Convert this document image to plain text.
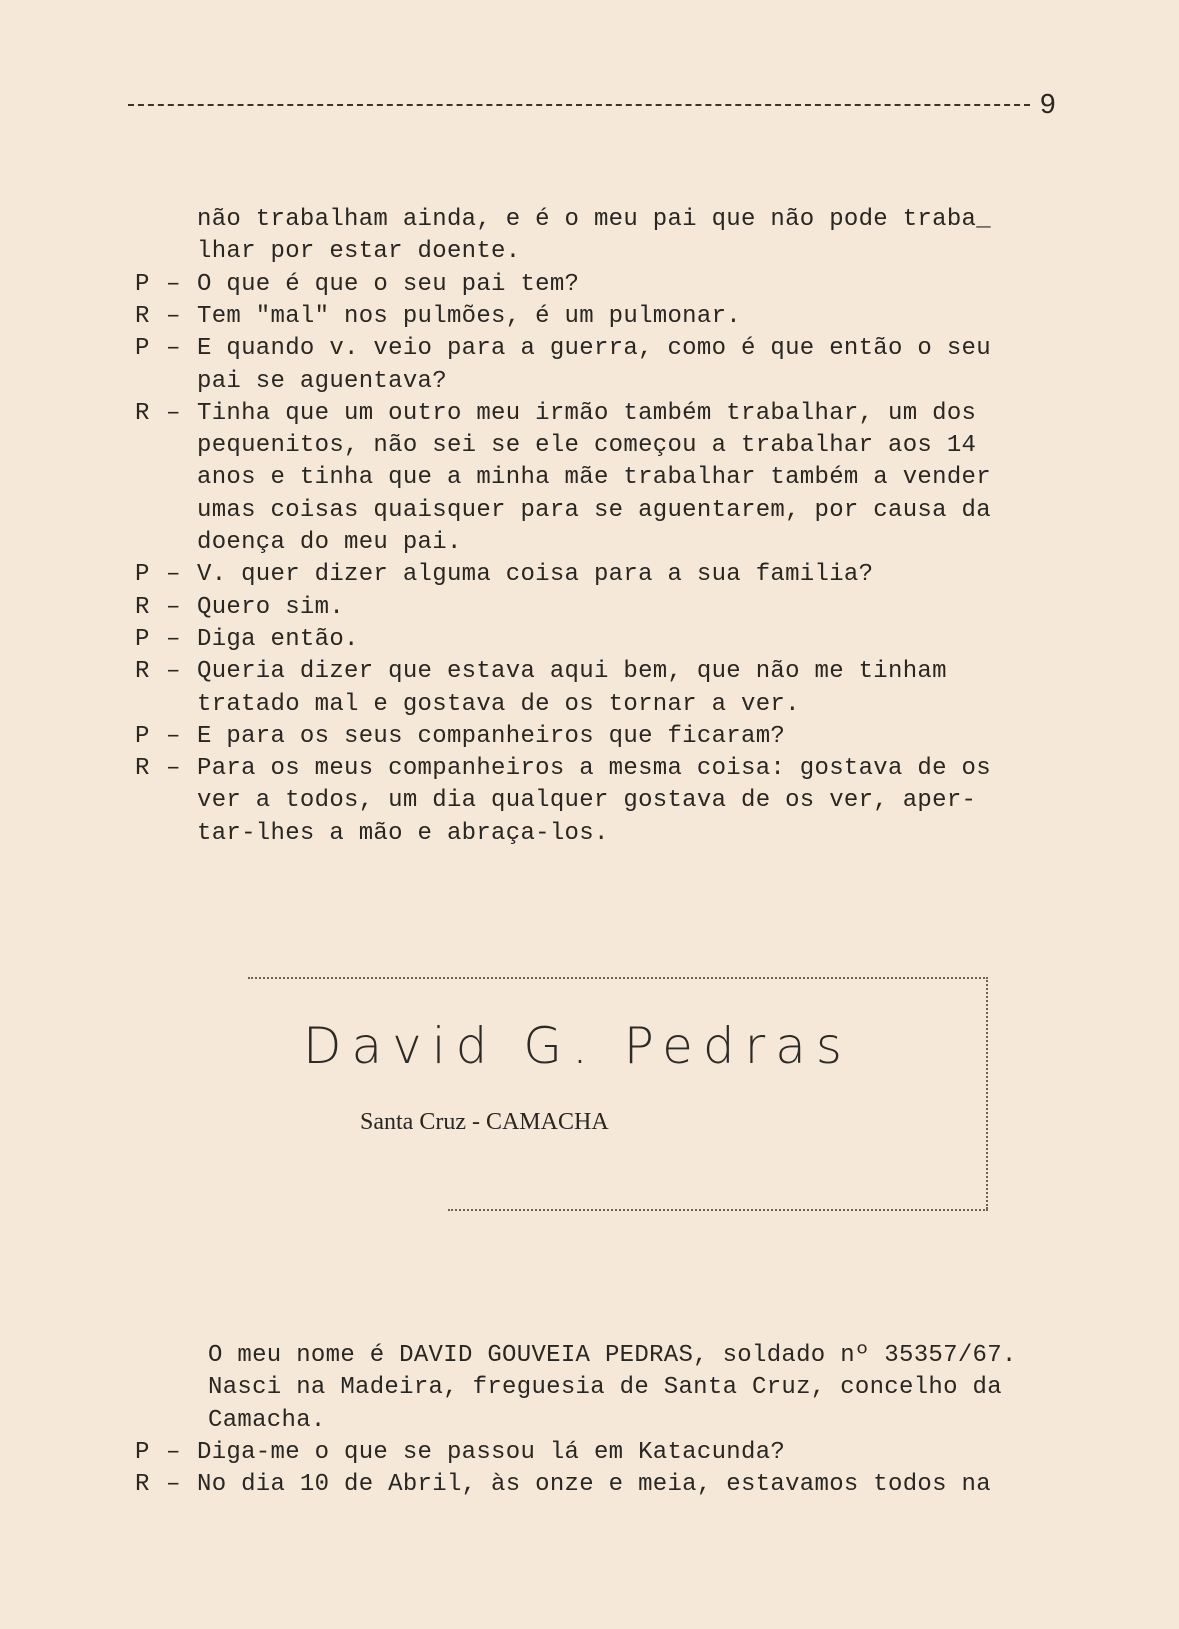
9
não trabalham ainda, e é o meu pai que não pode traba_
lhar por estar doente.
P – O que é que o seu pai tem?
R – Tem "mal" nos pulmões, é um pulmonar.
P – E quando v. veio para a guerra, como é que então o seu
pai se aguentava?
R – Tinha que um outro meu irmão também trabalhar, um dos
pequenitos, não sei se ele começou a trabalhar aos 14
anos e tinha que a minha mãe trabalhar também a vender
umas coisas quaisquer para se aguentarem, por causa da
doença do meu pai.
P – V. quer dizer alguma coisa para a sua familia?
R – Quero sim.
P – Diga então.
R – Queria dizer que estava aqui bem, que não me tinham
tratado mal e gostava de os tornar a ver.
P – E para os seus companheiros que ficaram?
R – Para os meus companheiros a mesma coisa: gostava de os
ver a todos, um dia qualquer gostava de os ver, aper-
tar-lhes a mão e abraça-los.
David G. Pedras
Santa Cruz - CAMACHA
O meu nome é DAVID GOUVEIA PEDRAS, soldado nº 35357/67.
Nasci na Madeira, freguesia de Santa Cruz, concelho da
Camacha.
P – Diga-me o que se passou lá em Katacunda?
R – No dia 10 de Abril, às onze e meia, estavamos todos na
